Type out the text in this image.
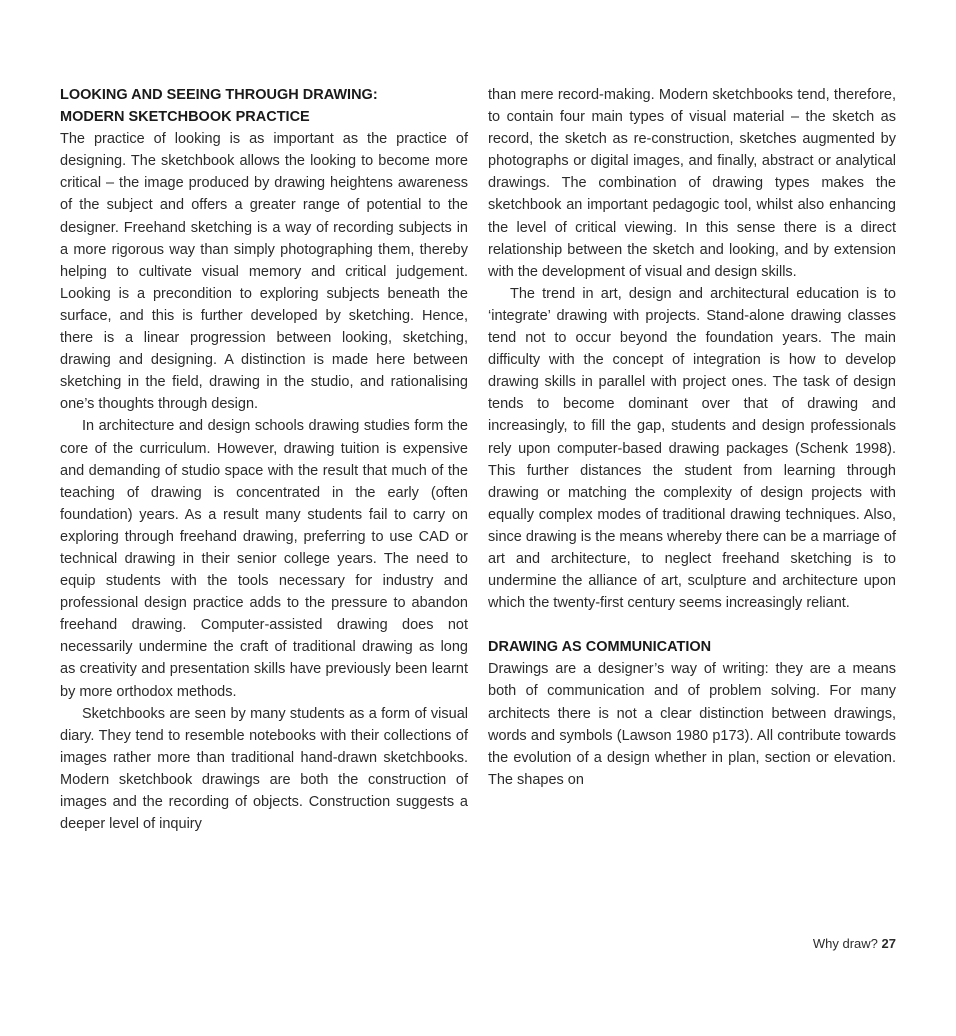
LOOKING AND SEEING THROUGH DRAWING:
MODERN SKETCHBOOK PRACTICE

The practice of looking is as important as the practice of designing. The sketchbook allows the looking to become more critical – the image produced by drawing heightens awareness of the subject and offers a greater range of potential to the designer. Freehand sketching is a way of recording subjects in a more rigorous way than simply photographing them, thereby helping to cultivate visual memory and critical judgement. Looking is a precondition to exploring subjects beneath the surface, and this is further developed by sketching. Hence, there is a linear progression between looking, sketching, drawing and designing. A distinction is made here between sketching in the field, drawing in the studio, and rationalising one’s thoughts through design.

In architecture and design schools drawing studies form the core of the curriculum. However, drawing tuition is expensive and demanding of studio space with the result that much of the teaching of drawing is concentrated in the early (often foundation) years. As a result many students fail to carry on exploring through freehand drawing, preferring to use CAD or technical drawing in their senior college years. The need to equip students with the tools necessary for industry and professional design practice adds to the pressure to abandon freehand drawing. Computer-assisted drawing does not necessarily undermine the craft of traditional drawing as long as creativity and presentation skills have previously been learnt by more orthodox methods.

Sketchbooks are seen by many students as a form of visual diary. They tend to resemble notebooks with their collections of images rather more than traditional hand-drawn sketchbooks. Modern sketchbook drawings are both the construction of images and the recording of objects. Construction suggests a deeper level of inquiry

than mere record-making. Modern sketchbooks tend, therefore, to contain four main types of visual material – the sketch as record, the sketch as re-construction, sketches augmented by photographs or digital images, and finally, abstract or analytical drawings. The combination of drawing types makes the sketchbook an important pedagogic tool, whilst also enhancing the level of critical viewing. In this sense there is a direct relationship between the sketch and looking, and by extension with the development of visual and design skills.

The trend in art, design and architectural education is to ‘integrate’ drawing with projects. Stand-alone drawing classes tend not to occur beyond the foundation years. The main difficulty with the concept of integration is how to develop drawing skills in parallel with project ones. The task of design tends to become dominant over that of drawing and increasingly, to fill the gap, students and design professionals rely upon computer-based drawing packages (Schenk 1998). This further distances the student from learning through drawing or matching the complexity of design projects with equally complex modes of traditional drawing techniques. Also, since drawing is the means whereby there can be a marriage of art and architecture, to neglect freehand sketching is to undermine the alliance of art, sculpture and architecture upon which the twenty-first century seems increasingly reliant.

DRAWING AS COMMUNICATION

Drawings are a designer’s way of writing: they are a means both of communication and of problem solving. For many architects there is not a clear distinction between drawings, words and symbols (Lawson 1980 p173). All contribute towards the evolution of a design whether in plan, section or elevation. The shapes on

Why draw? 27
